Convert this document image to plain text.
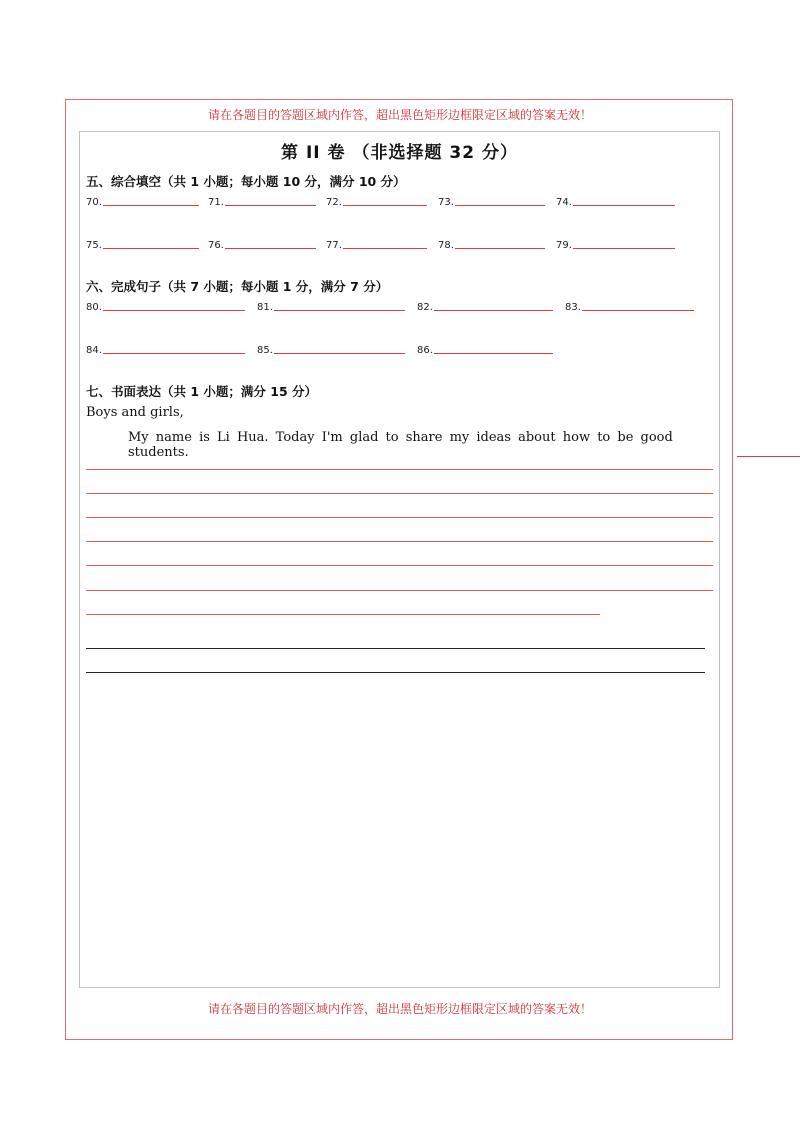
请在各题目的答题区域内作答，超出黑色矩形边框限定区域的答案无效！
第 II 卷 （非选择题 32 分）
五、综合填空（共 1 小题；每小题 10 分，满分 10 分）
70.	71.	72.	73.	74.
75.	76.	77.	78.	79.
六、完成句子（共 7 小题；每小题 1 分，满分 7 分）
80.	81.	82.	83.
84.	85.	86.
七、书面表达（共 1 小题；满分 15 分）
Boys and girls,
My name is Li Hua. Today I'm glad to share my ideas about how to be good students.
请在各题目的答题区域内作答，超出黑色矩形边框限定区域的答案无效！
